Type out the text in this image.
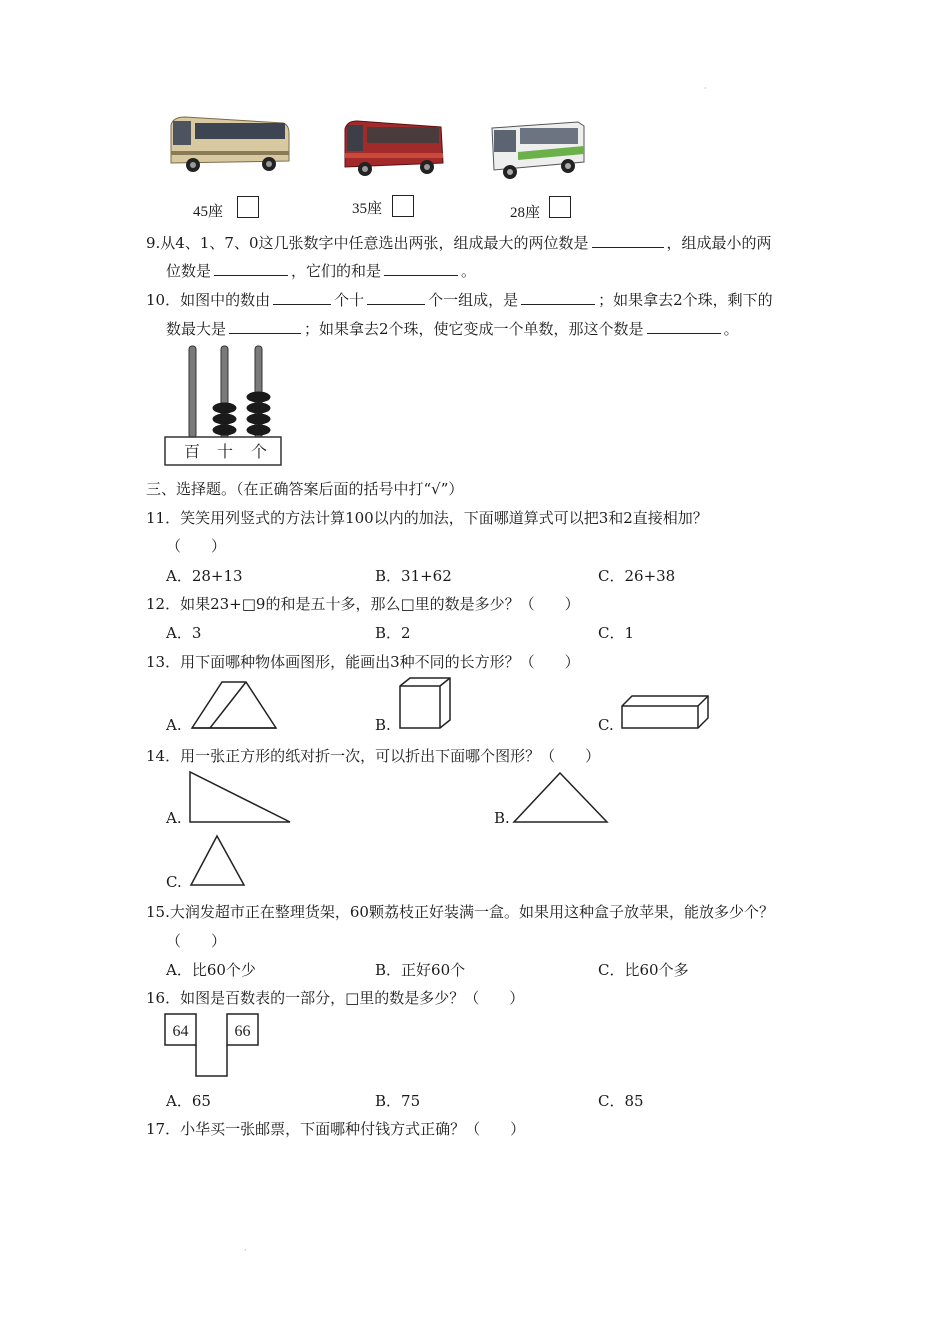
·
·
45座	35座	28座
9.从4、1、7、0这几张数字中任意选出两张，组成最大的两位数是	，组成最小的两
位数是	，它们的和是	。
10．如图中的数由	个十	个一组成，是	；如果拿去2个珠，剩下的
数最大是	；如果拿去2个珠，使它变成一个单数，那这个数是	。
百 十 个
三、选择题。（在正确答案后面的括号中打“√”）
11．笑笑用列竖式的方法计算100以内的加法，下面哪道算式可以把3和2直接相加？
（　　）
A．28+13	B．31+62	C．26+38
12．如果23+□9的和是五十多，那么□里的数是多少？（　　）
A．3	B．2	C．1
13．用下面哪种物体画图形，能画出3种不同的长方形？（　　）
A.	B.	C.
14．用一张正方形的纸对折一次，可以折出下面哪个图形？（　　）
A.	B.
C.
15.大润发超市正在整理货架，60颗荔枝正好装满一盒。如果用这种盒子放苹果，能放多少个？
（　　）
A．比60个少	B．正好60个	C．比60个多
16．如图是百数表的一部分，□里的数是多少？（　　）
64	66
A．65	B．75	C．85
17．小华买一张邮票，下面哪种付钱方式正确？（　　）
